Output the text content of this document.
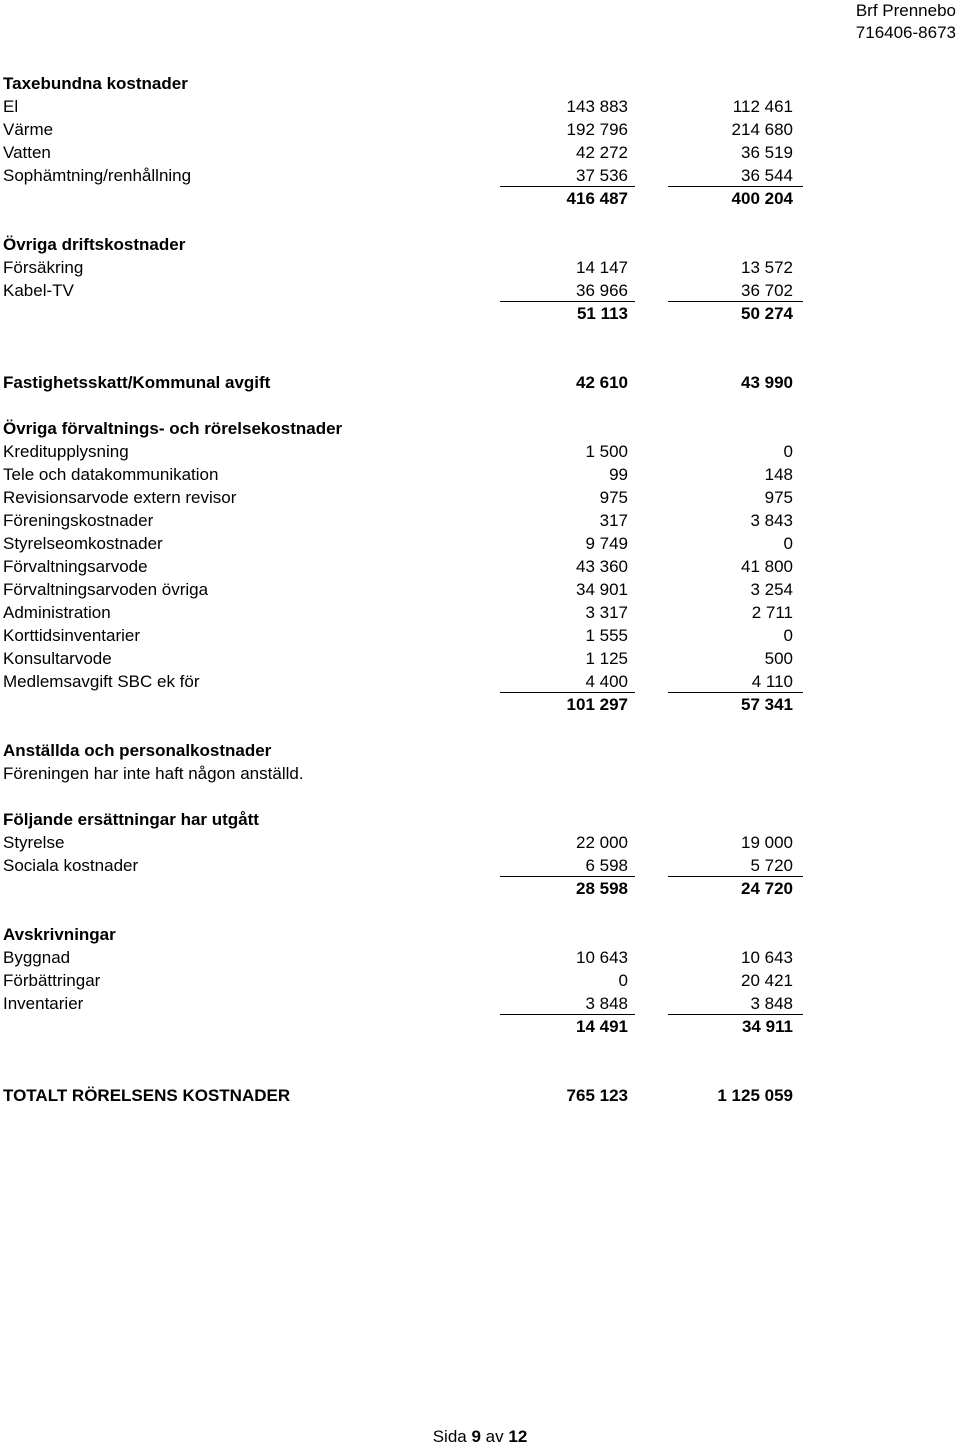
Brf Prennebo
716406-8673
Taxebundna kostnader
El	143 883	112 461
Värme	192 796	214 680
Vatten	42 272	36 519
Sophämtning/renhållning	37 536	36 544
416 487	400 204
Övriga driftskostnader
Försäkring	14 147	13 572
Kabel-TV	36 966	36 702
51 113	50 274
Fastighetsskatt/Kommunal avgift	42 610	43 990
Övriga förvaltnings- och rörelsekostnader
Kreditupplysning	1 500	0
Tele och datakommunikation	99	148
Revisionsarvode extern revisor	975	975
Föreningskostnader	317	3 843
Styrelseomkostnader	9 749	0
Förvaltningsarvode	43 360	41 800
Förvaltningsarvoden övriga	34 901	3 254
Administration	3 317	2 711
Korttidsinventarier	1 555	0
Konsultarvode	1 125	500
Medlemsavgift SBC ek för	4 400	4 110
101 297	57 341
Anställda och personalkostnader
Föreningen har inte haft någon anställd.
Följande ersättningar har utgått
Styrelse	22 000	19 000
Sociala kostnader	6 598	5 720
28 598	24 720
Avskrivningar
Byggnad	10 643	10 643
Förbättringar	0	20 421
Inventarier	3 848	3 848
14 491	34 911
TOTALT RÖRELSENS KOSTNADER	765 123	1 125 059
Sida 9 av 12
